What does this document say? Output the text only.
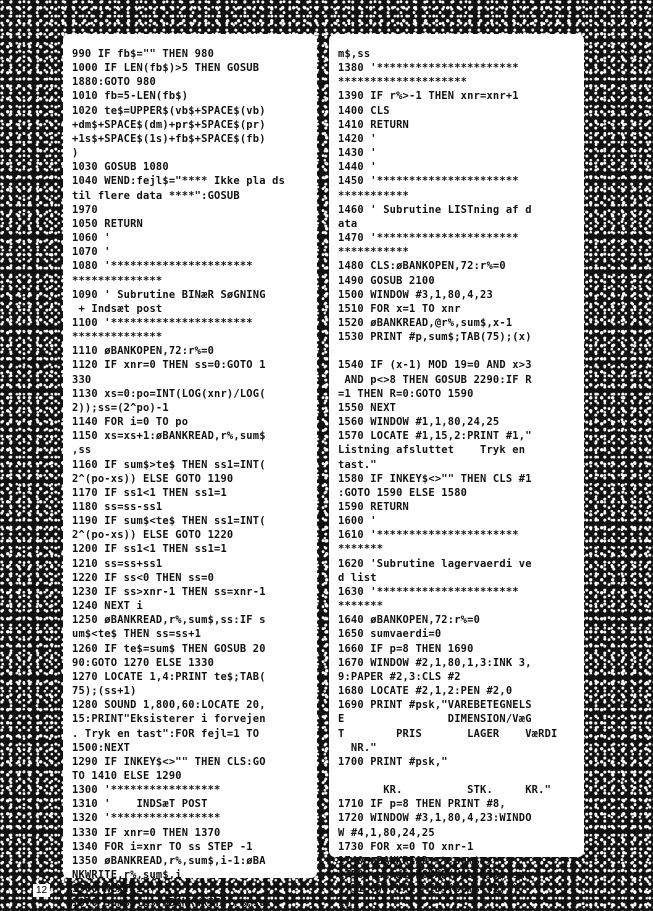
990 IF fb$="" THEN 980
1000 IF LEN(fb$)>5 THEN GOSUB
1880:GOTO 980
1010 fb=5-LEN(fb$)
1020 te$=UPPER$(vb$+SPACE$(vb)
+dm$+SPACE$(dm)+pr$+SPACE$(pr)
+1s$+SPACE$(1s)+fb$+SPACE$(fb)
)
1030 GOSUB 1080
1040 WEND:fejl$="**** Ikke pla ds
til flere data ****":GOSUB
1970
1050 RETURN
1060 '
1070 '
1080 '**********************
**************
1090 ' Subrutine BINæR SøGNING
+ Indsæt post
1100 '**********************
**************
1110 øBANKOPEN,72:r%=0
1120 IF xnr=0 THEN ss=0:GOTO 1
330
1130 xs=0:po=INT(LOG(xnr)/LOG(
2));ss=(2^po)-1
1140 FOR i=0 TO po
1150 xs=xs+1:øBANKREAD,r%,sum$
,ss
1160 IF sum$>te$ THEN ss1=INT(
2^(po-xs)) ELSE GOTO 1190
1170 IF ss1<1 THEN ss1=1
1180 ss=ss-ss1
1190 IF sum$<te$ THEN ss1=INT(
2^(po-xs)) ELSE GOTO 1220
1200 IF ss1<1 THEN ss1=1
1210 ss=ss+ss1
1220 IF ss<0 THEN ss=0
1230 IF ss>xnr-1 THEN ss=xnr-1
1240 NEXT i
1250 øBANKREAD,r%,sum$,ss:IF s
um$<te$ THEN ss=ss+1
1260 IF te$=sum$ THEN GOSUB 20
90:GOTO 1270 ELSE 1330
1270 LOCATE 1,4:PRINT te$;TAB(
75);(ss+1)
1280 SOUND 1,800,60:LOCATE 20,
15:PRINT"Eksisterer i forvejen
. Tryk en tast":FOR fejl=1 TO
1500:NEXT
1290 IF INKEY$<>"" THEN CLS:GO
TO 1410 ELSE 1290
1300 '*****************
1310 '    INDSæT POST
1320 '*****************
1330 IF xnr=0 THEN 1370
1340 FOR i=xnr TO ss STEP -1
1350 øBANKREAD,r%,sum$,i-1:øBA
NKWRITE,r%,sum$,i
1360 NEXT i
1370 sum$=te$:øBANKWRITE,r%,su

m$,ss
1380 '**********************
********************
1390 IF r%>-1 THEN xnr=xnr+1
1400 CLS
1410 RETURN
1420 '
1430 '
1440 '
1450 '**********************
***********
1460 ' Subrutine LISTning af d
ata
1470 '**********************
***********
1480 CLS:øBANKOPEN,72:r%=0
1490 GOSUB 2100
1500 WINDOW #3,1,80,4,23
1510 FOR x=1 TO xnr
1520 øBANKREAD,@r%,sum$,x-1
1530 PRINT #p,sum$;TAB(75);(x)

1540 IF (x-1) MOD 19=0 AND x>3
AND p<>8 THEN GOSUB 2290:IF R
=1 THEN R=0:GOTO 1590
1550 NEXT
1560 WINDOW #1,1,80,24,25
1570 LOCATE #1,15,2:PRINT #1,"
Listning afsluttet    Tryk en
tast."
1580 IF INKEY$<>"" THEN CLS #1
:GOTO 1590 ELSE 1580
1590 RETURN
1600 '
1610 '**********************
*******
1620 'Subrutine lagervaerdi ve
d list
1630 '**********************
*******
1640 øBANKOPEN,72:r%=0
1650 sumvaerdi=0
1660 IF p=8 THEN 1690
1670 WINDOW #2,1,80,1,3:INK 3,
9:PAPER #2,3:CLS #2
1680 LOCATE #2,1,2:PEN #2,0
1690 PRINT #psk,"VAREBETEGNELS
E                DIMENSION/VæG
T        PRIS       LAGER    VæRDI
NR."
1700 PRINT #psk,"

KR.          STK.     KR."
1710 IF p=8 THEN PRINT #8,
1720 WINDOW #3,1,80,4,23:WINDO
W #4,1,80,24,25
1730 FOR x=0 TO xnr-1
1740 øBANKREAD,r%,sum$,x
1750 vaerdi=ROUND(VAL(MID$(sum
$,51,8))*VAL(MID$(sum$,61,5)),
1)

12
